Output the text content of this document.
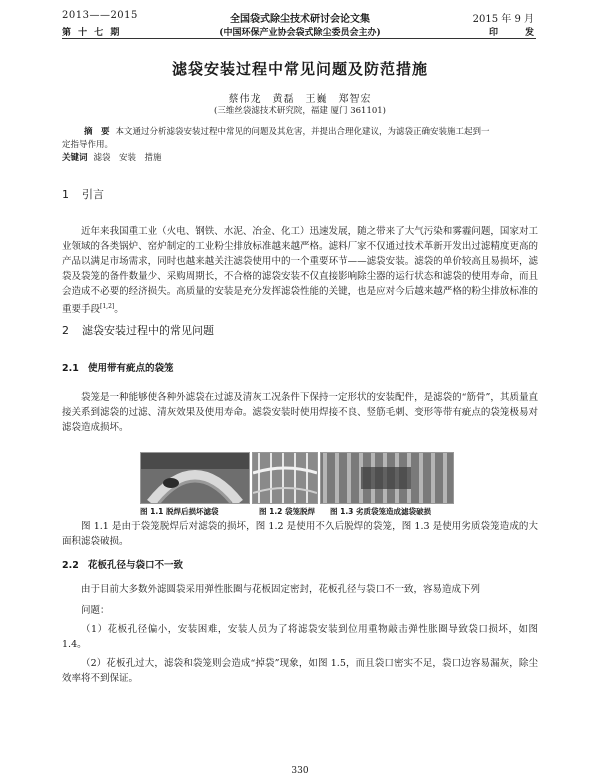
2013——2015	全国袋式除尘技术研讨会论文集	2015 年 9 月
第 十 七 期	(中国环保产业协会袋式除尘委员会主办)	印　　　发
滤袋安装过程中常见问题及防范措施
蔡伟龙　黄磊　王巍　郑智宏
(三维丝袋滤技术研究院，福建 厦门 361101)
摘　要 本文通过分析滤袋安装过程中常见的问题及其危害，并提出合理化建议，为滤袋正确安装施工起到一
定指导作用。
关键词 滤袋　安装　措施
1 引言

近年来我国重工业（火电、钢铁、水泥、冶金、化工）迅速发展，随之带来了大气污染和雾霾问题，国家对工业领域的各类锅炉、窑炉制定的工业粉尘排放标准越来越严格。滤料厂家不仅通过技术革新开发出过滤精度更高的产品以满足市场需求，同时也越来越关注滤袋使用中的一个重要环节——滤袋安装。滤袋的单价较高且易损坏，滤袋及袋笼的备件数量少、采购周期长，不合格的滤袋安装不仅直接影响除尘器的运行状态和滤袋的使用寿命，而且会造成不必要的经济损失。高质量的安装是充分发挥滤袋性能的关键，也是应对今后越来越严格的粉尘排放标准的重要手段[1,2]。

2 滤袋安装过程中的常见问题
2.1 使用带有疵点的袋笼

袋笼是一种能够使各种外滤袋在过滤及清灰工况条件下保持一定形状的安装配件，是滤袋的“筋骨”，其质量直接关系到滤袋的过滤、清灰效果及使用寿命。滤袋安装时使用焊接不良、竖筋毛刺、变形等带有疵点的袋笼极易对滤袋造成损坏。

图 1.1 脱焊后损坏滤袋	图 1.2 袋笼脱焊 图 1.3 劣质袋笼造成滤袋破损

图 1.1 是由于袋笼脱焊后对滤袋的损坏，图 1.2 是使用不久后脱焊的袋笼，图 1.3 是使用劣质袋笼造成的大面积滤袋破损。

2.2 花板孔径与袋口不一致

由于目前大多数外滤圆袋采用弹性胀圈与花板固定密封，花板孔径与袋口不一致，容易造成下列

问题：

（1）花板孔径偏小，安装困难，安装人员为了将滤袋安装到位用重物敲击弹性胀圈导致袋口损坏，如图 1.4。

（2）花板孔过大，滤袋和袋笼则会造成“掉袋”现象，如图 1.5，而且袋口密实不足，袋口边容易漏灰，除尘效率将不到保证。

330
